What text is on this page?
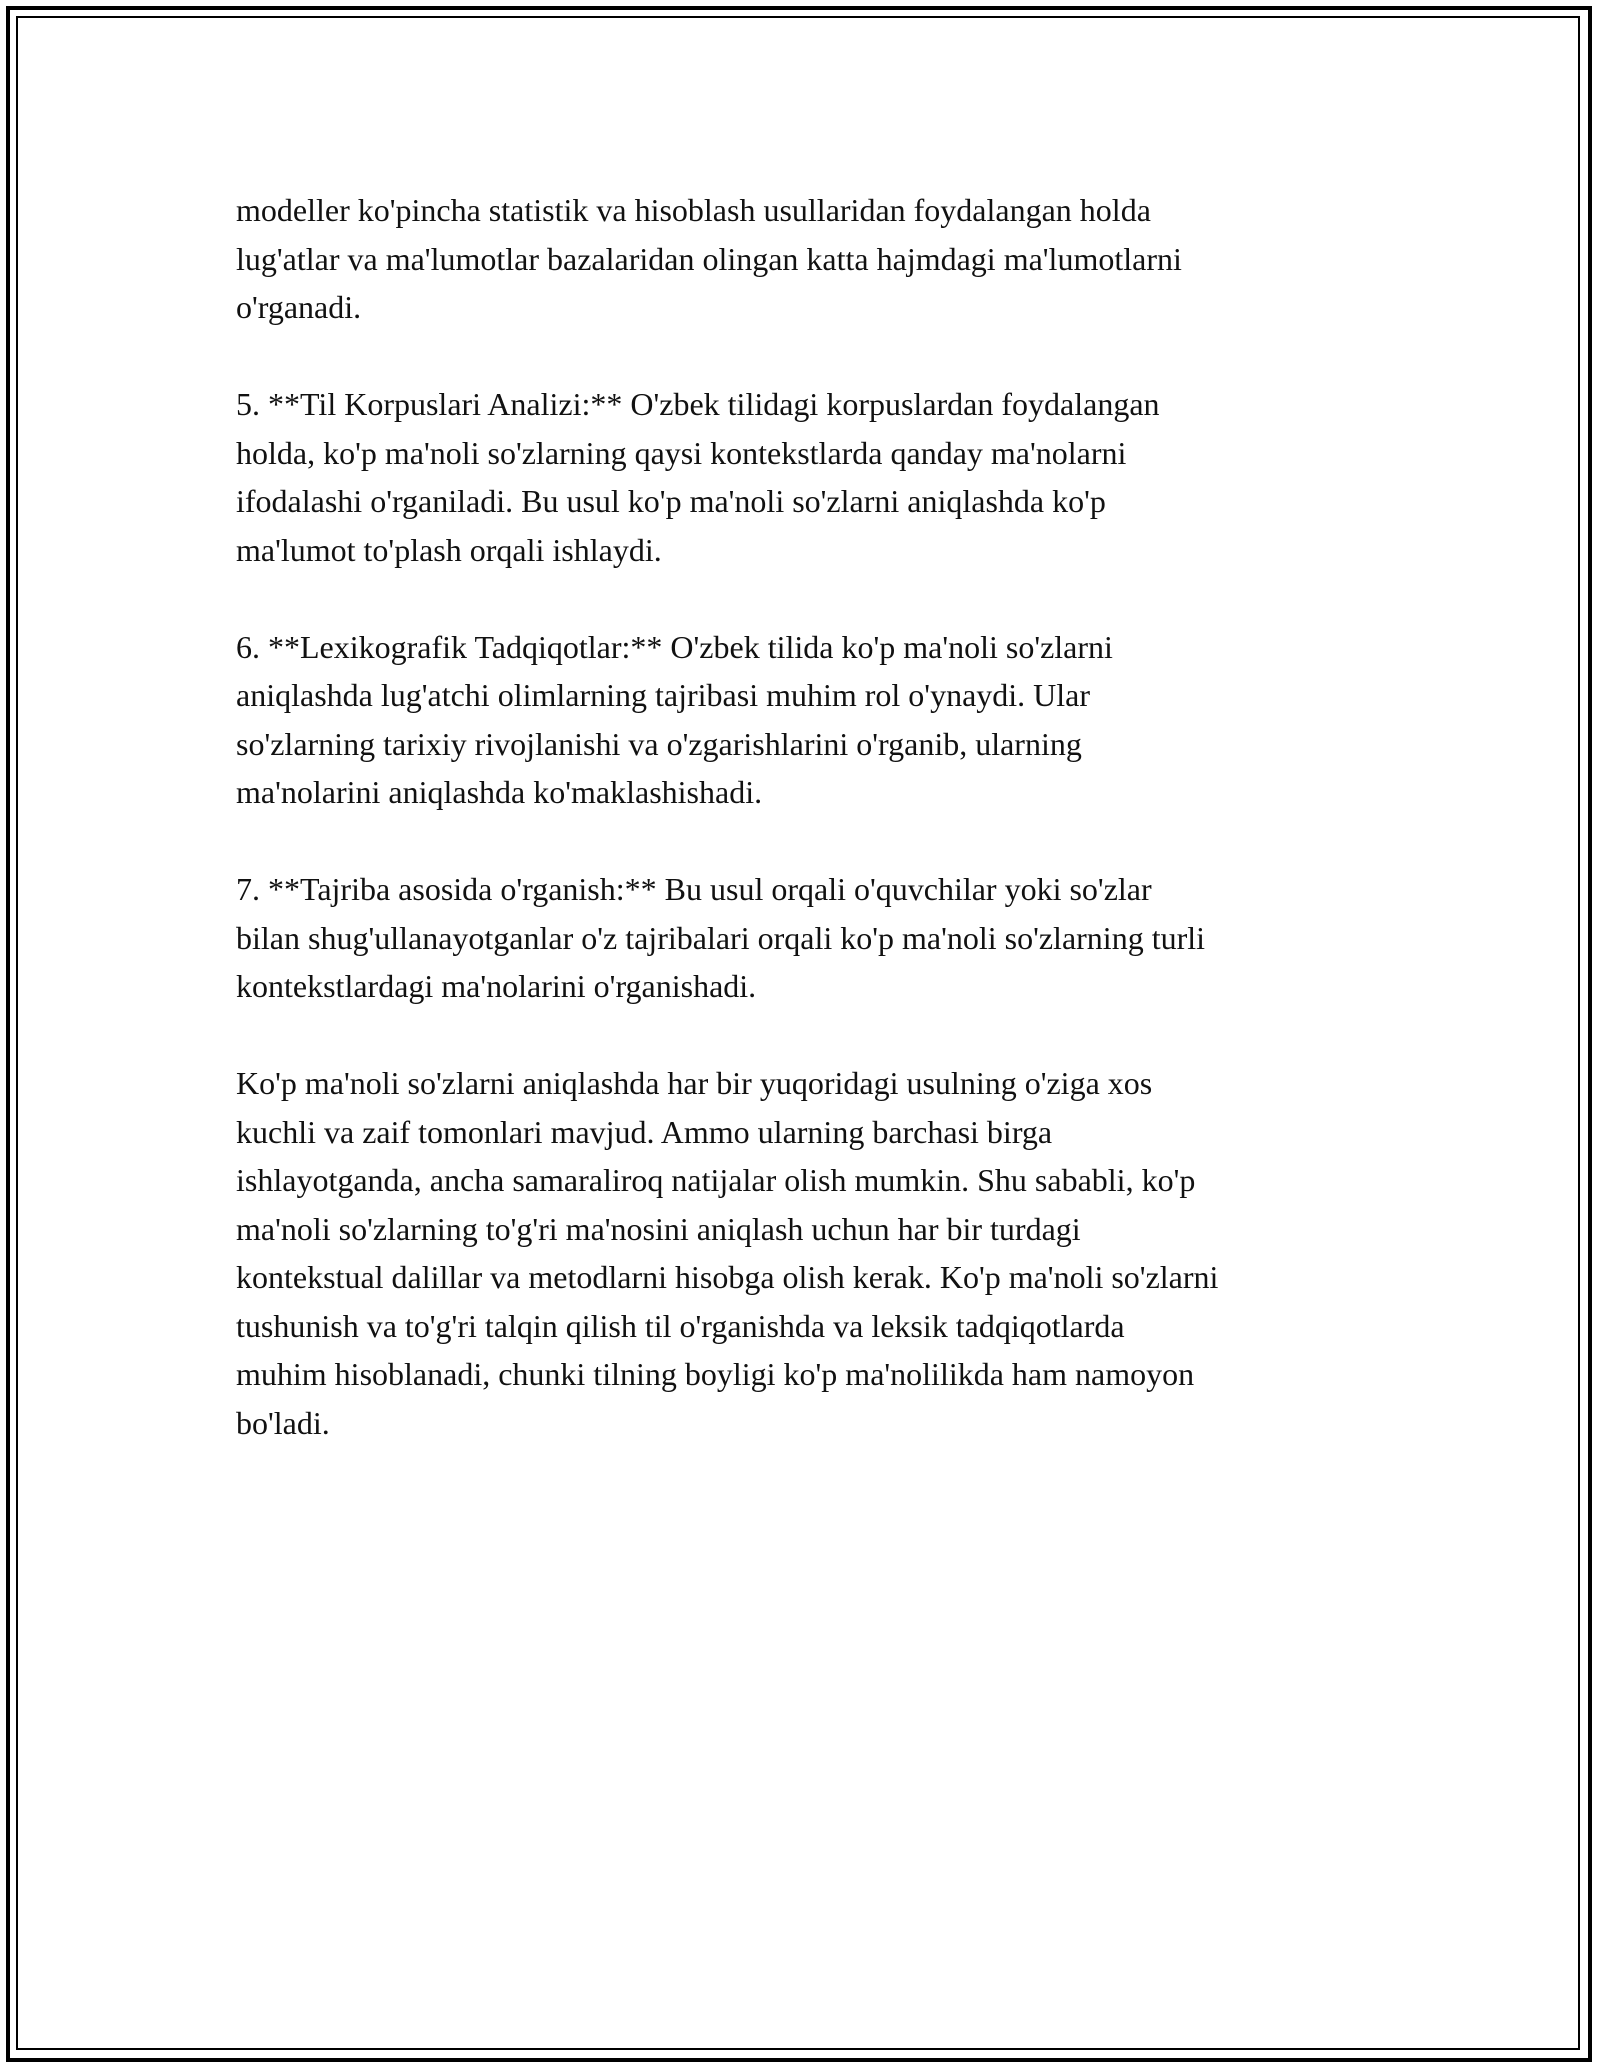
modeller ko'pincha statistik va hisoblash usullaridan foydalangan holda
lug'atlar va ma'lumotlar bazalaridan olingan katta hajmdagi ma'lumotlarni
o'rganadi.

5. **Til Korpuslari Analizi:** O'zbek tilidagi korpuslardan foydalangan
holda, ko'p ma'noli so'zlarning qaysi kontekstlarda qanday ma'nolarni
ifodalashi o'rganiladi. Bu usul ko'p ma'noli so'zlarni aniqlashda ko'p
ma'lumot to'plash orqali ishlaydi.

6. **Lexikografik Tadqiqotlar:** O'zbek tilida ko'p ma'noli so'zlarni
aniqlashda lug'atchi olimlarning tajribasi muhim rol o'ynaydi. Ular
so'zlarning tarixiy rivojlanishi va o'zgarishlarini o'rganib, ularning
ma'nolarini aniqlashda ko'maklashishadi.

7. **Tajriba asosida o'rganish:** Bu usul orqali o'quvchilar yoki so'zlar
bilan shug'ullanayotganlar o'z tajribalari orqali ko'p ma'noli so'zlarning turli
kontekstlardagi ma'nolarini o'rganishadi.

Ko'p ma'noli so'zlarni aniqlashda har bir yuqoridagi usulning o'ziga xos
kuchli va zaif tomonlari mavjud. Ammo ularning barchasi birga
ishlayotganda, ancha samaraliroq natijalar olish mumkin. Shu sababli, ko'p
ma'noli so'zlarning to'g'ri ma'nosini aniqlash uchun har bir turdagi
kontekstual dalillar va metodlarni hisobga olish kerak. Ko'p ma'noli so'zlarni
tushunish va to'g'ri talqin qilish til o'rganishda va leksik tadqiqotlarda
muhim hisoblanadi, chunki tilning boyligi ko'p ma'nolilikda ham namoyon
bo'ladi.
